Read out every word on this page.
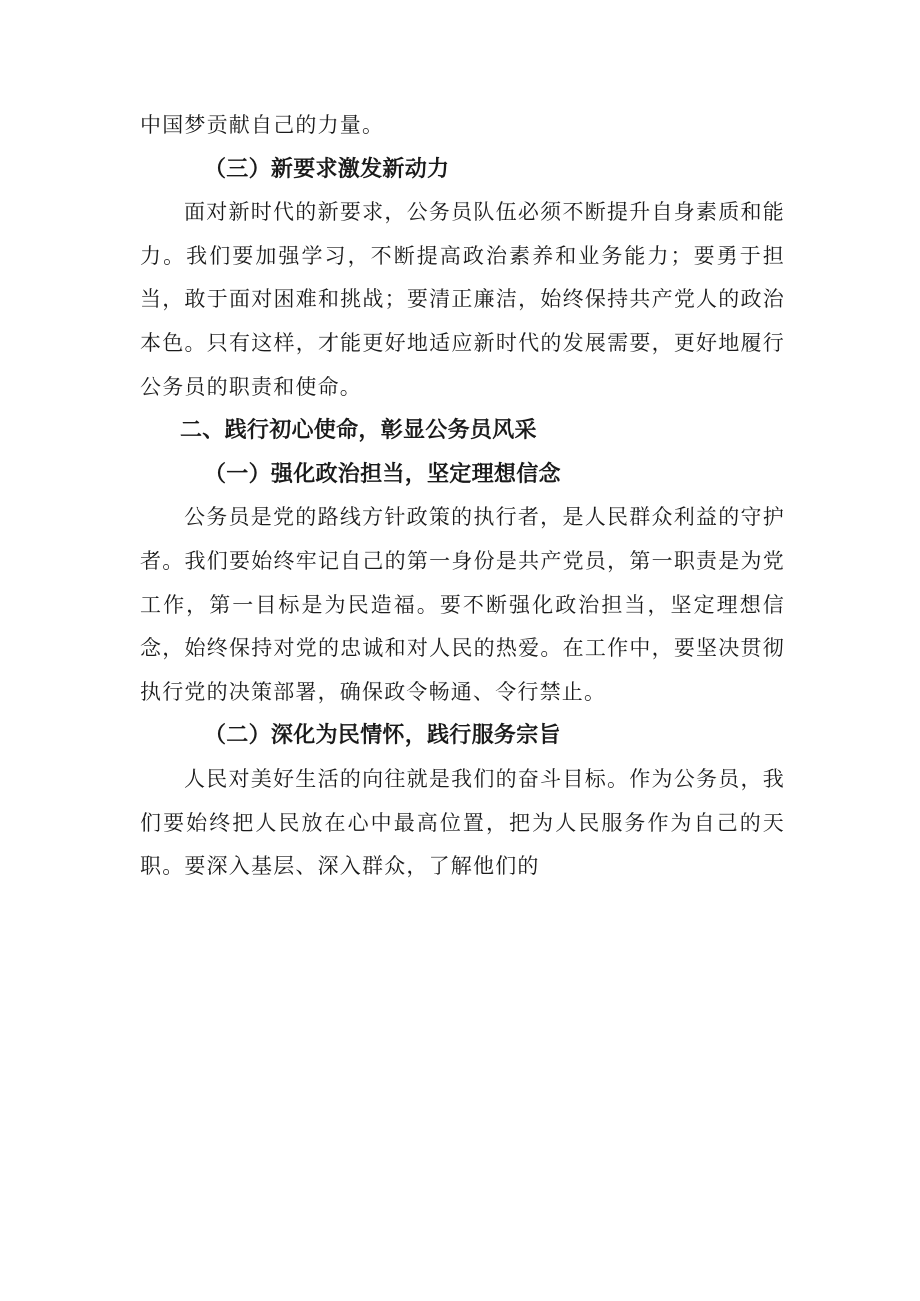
中国梦贡献自己的力量。

（三）新要求激发新动力

面对新时代的新要求，公务员队伍必须不断提升自身素质和能力。我们要加强学习，不断提高政治素养和业务能力；要勇于担当，敢于面对困难和挑战；要清正廉洁，始终保持共产党人的政治本色。只有这样，才能更好地适应新时代的发展需要，更好地履行公务员的职责和使命。

二、践行初心使命，彰显公务员风采
（一）强化政治担当，坚定理想信念

公务员是党的路线方针政策的执行者，是人民群众利益的守护者。我们要始终牢记自己的第一身份是共产党员，第一职责是为党工作，第一目标是为民造福。要不断强化政治担当，坚定理想信念，始终保持对党的忠诚和对人民的热爱。在工作中，要坚决贯彻执行党的决策部署，确保政令畅通、令行禁止。

（二）深化为民情怀，践行服务宗旨

人民对美好生活的向往就是我们的奋斗目标。作为公务员，我们要始终把人民放在心中最高位置，把为人民服务作为自己的天职。要深入基层、深入群众，了解他们的
